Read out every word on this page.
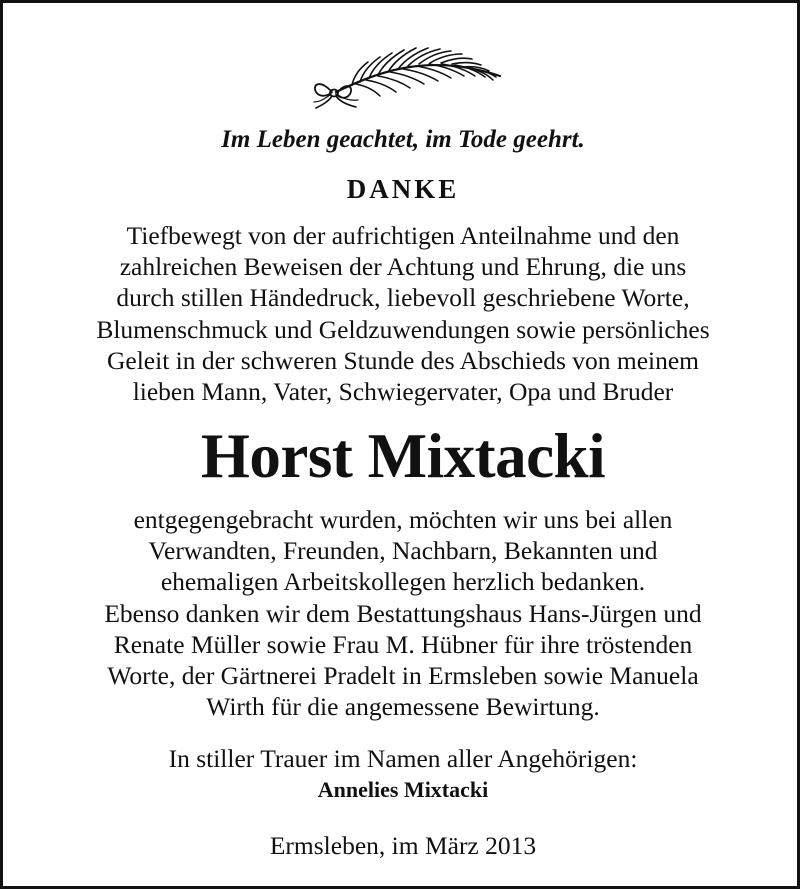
Im Leben geachtet, im Tode geehrt.
DANKE
Tiefbewegt von der aufrichtigen Anteilnahme und den
zahlreichen Beweisen der Achtung und Ehrung, die uns
durch stillen Händedruck, liebevoll geschriebene Worte,
Blumenschmuck und Geldzuwendungen sowie persönliches
Geleit in der schweren Stunde des Abschieds von meinem
lieben Mann, Vater, Schwiegervater, Opa und Bruder
Horst Mixtacki
entgegengebracht wurden, möchten wir uns bei allen
Verwandten, Freunden, Nachbarn, Bekannten und
ehemaligen Arbeitskollegen herzlich bedanken.
Ebenso danken wir dem Bestattungshaus Hans-Jürgen und
Renate Müller sowie Frau M. Hübner für ihre tröstenden
Worte, der Gärtnerei Pradelt in Ermsleben sowie Manuela
Wirth für die angemessene Bewirtung.
In stiller Trauer im Namen aller Angehörigen:
Annelies Mixtacki
Ermsleben, im März 2013
